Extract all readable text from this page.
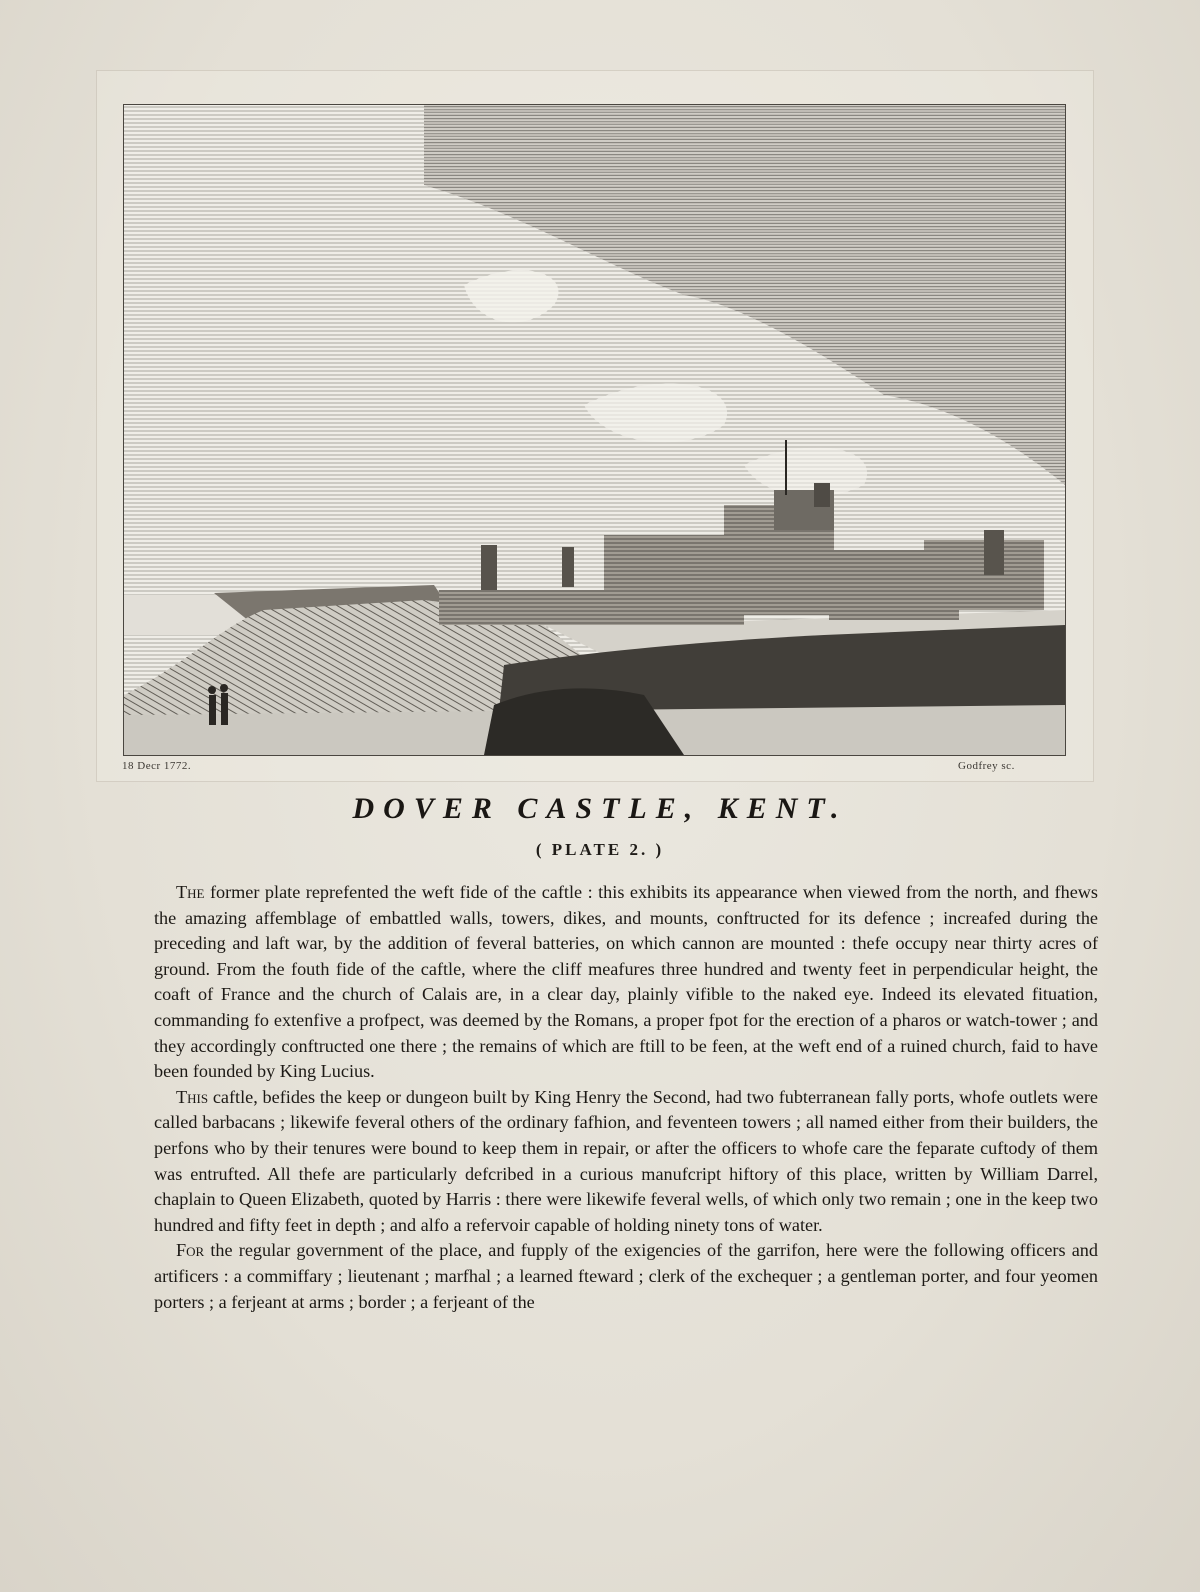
18 Decr 1772.	Godfrey sc.
DOVER CASTLE, KENT.
( PLATE 2. )

The former plate reprefented the weft fide of the caftle : this exhibits its appearance when viewed from the north, and fhews the amazing affemblage of embattled walls, towers, dikes, and mounts, conftructed for its defence ; increafed during the preceding and laft war, by the addition of feveral batteries, on which cannon are mounted : thefe occupy near thirty acres of ground. From the fouth fide of the caftle, where the cliff meafures three hundred and twenty feet in perpendicular height, the coaft of France and the church of Calais are, in a clear day, plainly vifible to the naked eye. Indeed its elevated fituation, commanding fo extenfive a profpect, was deemed by the Romans, a proper fpot for the erection of a pharos or watch-tower ; and they accordingly conftructed one there ; the remains of which are ftill to be feen, at the weft end of a ruined church, faid to have been founded by King Lucius.

This caftle, befides the keep or dungeon built by King Henry the Second, had two fubterranean fally ports, whofe outlets were called barbacans ; likewife feveral others of the ordinary fafhion, and feventeen towers ; all named either from their builders, the perfons who by their tenures were bound to keep them in repair, or after the officers to whofe care the feparate cuftody of them was entrufted. All thefe are particularly defcribed in a curious manufcript hiftory of this place, written by William Darrel, chaplain to Queen Elizabeth, quoted by Harris : there were likewife feveral wells, of which only two remain ; one in the keep two hundred and fifty feet in depth ; and alfo a refervoir capable of holding ninety tons of water.

For the regular government of the place, and fupply of the exigencies of the garrifon, here were the following officers and artificers : a commiffary ; lieutenant ; marfhal ; a learned fteward ; clerk of the exchequer ; a gentleman porter, and four yeomen porters ; a ferjeant at arms ; border ; a ferjeant of the
